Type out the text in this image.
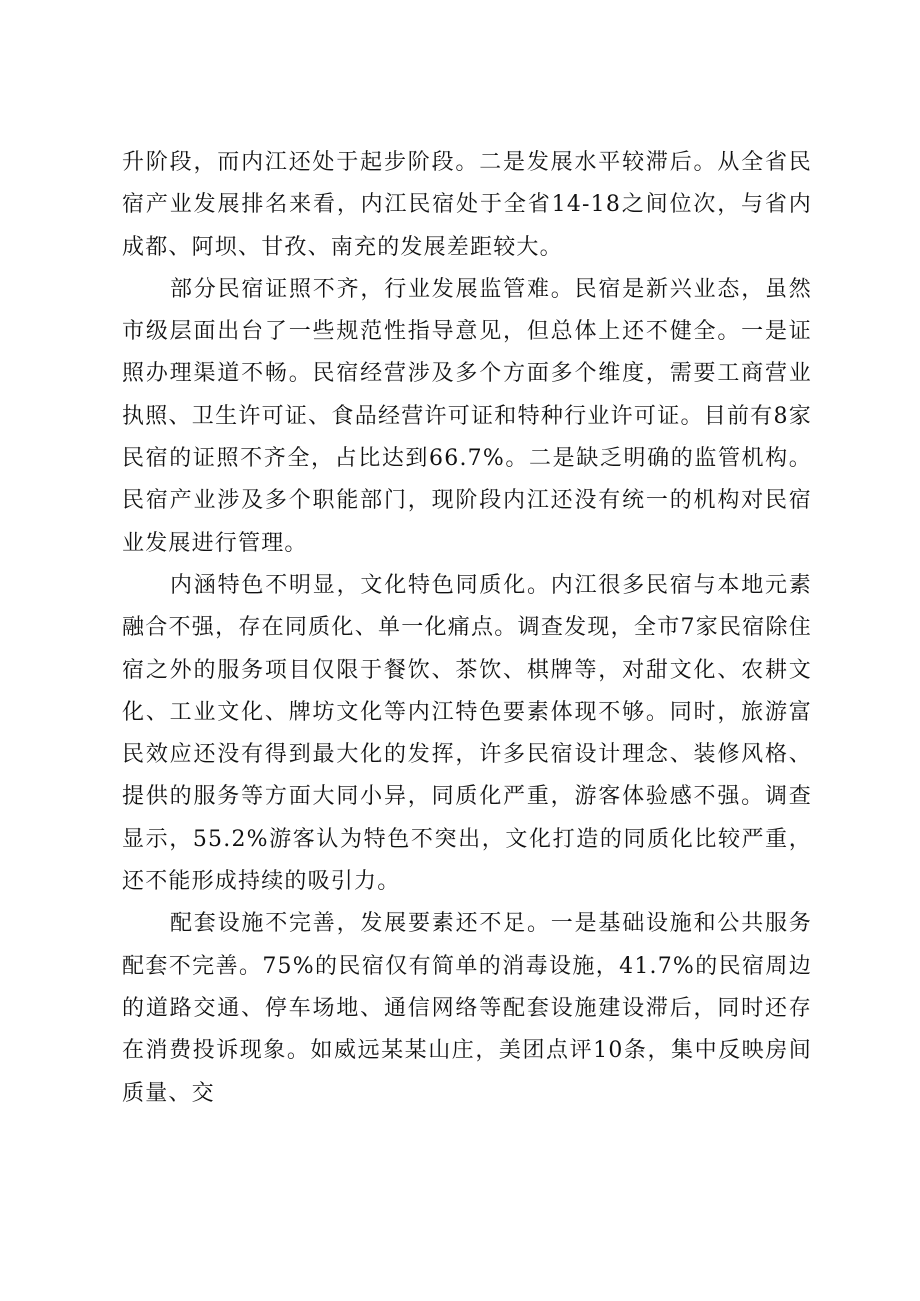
升阶段，而内江还处于起步阶段。二是发展水平较滞后。从全省民宿产业发展排名来看，内江民宿处于全省14-18之间位次，与省内成都、阿坝、甘孜、南充的发展差距较大。

部分民宿证照不齐，行业发展监管难。民宿是新兴业态，虽然市级层面出台了一些规范性指导意见，但总体上还不健全。一是证照办理渠道不畅。民宿经营涉及多个方面多个维度，需要工商营业执照、卫生许可证、食品经营许可证和特种行业许可证。目前有8家民宿的证照不齐全，占比达到66.7%。二是缺乏明确的监管机构。民宿产业涉及多个职能部门，现阶段内江还没有统一的机构对民宿业发展进行管理。

内涵特色不明显，文化特色同质化。内江很多民宿与本地元素融合不强，存在同质化、单一化痛点。调查发现，全市7家民宿除住宿之外的服务项目仅限于餐饮、茶饮、棋牌等，对甜文化、农耕文化、工业文化、牌坊文化等内江特色要素体现不够。同时，旅游富民效应还没有得到最大化的发挥，许多民宿设计理念、装修风格、提供的服务等方面大同小异，同质化严重，游客体验感不强。调查显示，55.2%游客认为特色不突出，文化打造的同质化比较严重，还不能形成持续的吸引力。

配套设施不完善，发展要素还不足。一是基础设施和公共服务配套不完善。75%的民宿仅有简单的消毒设施，41.7%的民宿周边的道路交通、停车场地、通信网络等配套设施建设滞后，同时还存在消费投诉现象。如威远某某山庄，美团点评10条，集中反映房间质量、交
